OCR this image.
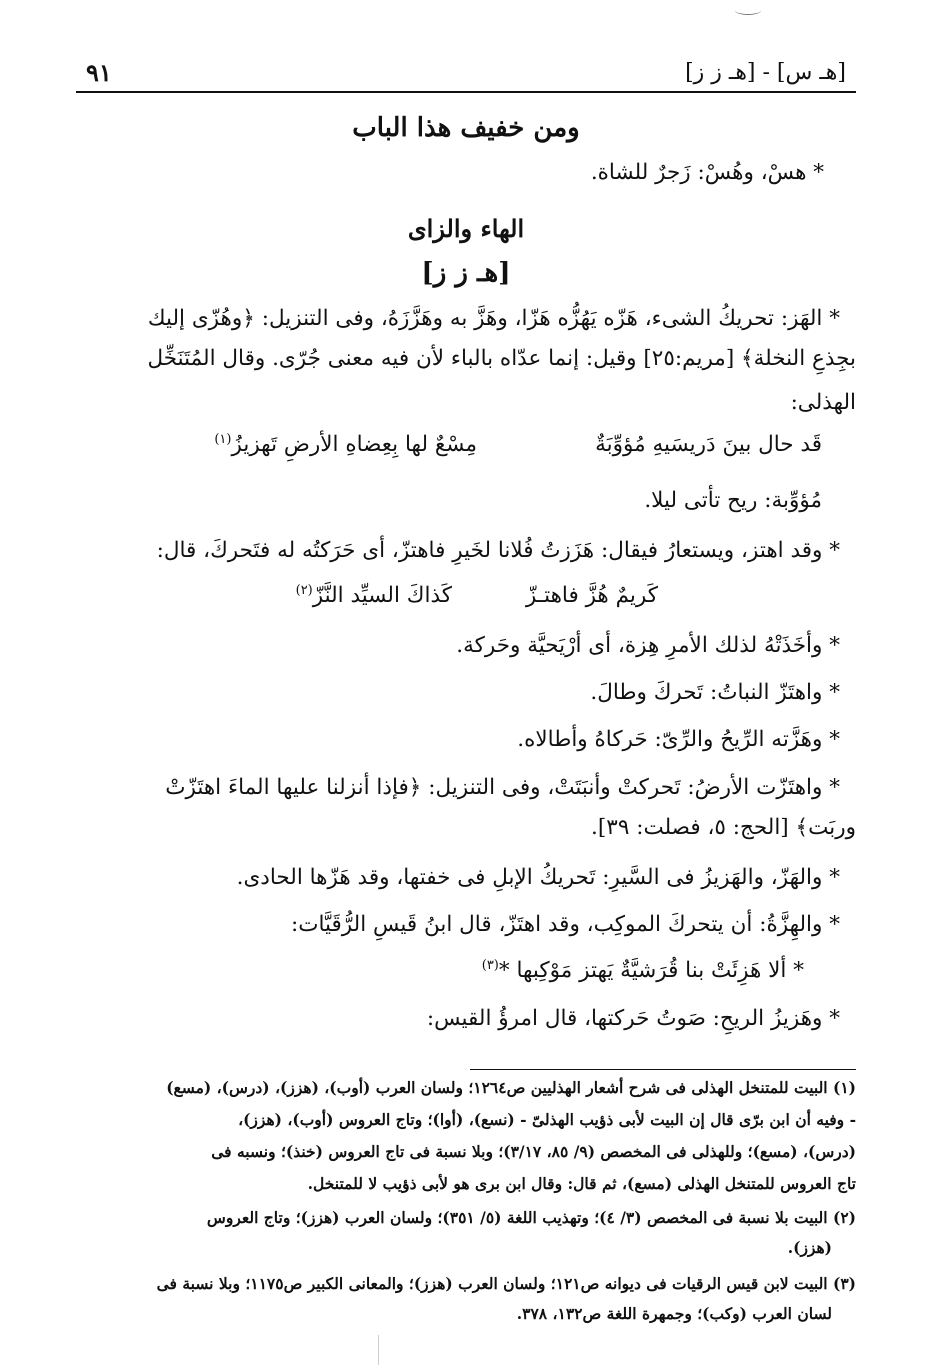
[هـ س] - [هـ ز ز]
٩١
ومن خفيف هذا الباب
* هسْ، وهُسْ: زَجرٌ للشاة.
الهاء والزاى
[هـ ز ز]
* الهَز: تحريكُ الشىء، هَزّه يَهُزُّه هَزّا، وهَزَّ به وهَزَّزَهُ، وفى التنزيل: ﴿وهُزّى إليك
بجِذعِ النخلة﴾ [مريم:٢٥] وقيل: إنما عدّاه بالباء لأن فيه معنى جُرّى. وقال المُتَنَخِّل
الهذلى:
قَد حال بينَ دَريسَيهِ مُؤوِّبَةٌ
مِسْعٌ لها بِعِضاهِ الأرضِ تَهزيزُ$^{(١)}$
مُؤوِّبة: ريح تأتى ليلا.
* وقد اهتز، ويستعارُ فيقال: هَزَزتُ فُلانا لخَيرِ فاهتزّ، أى حَرَكتُه له فتَحركَ، قال:
كَريمٌ هُزَّ فاهتـزّ
كَذاكَ السيِّد النَّزّ$^{(٢)}$
* وأخَذَتْهُ لذلك الأمرِ هِزة، أى أرْيَحيَّة وحَركة.
* واهتَزّ النباتُ: تَحركَ وطالَ.
* وهَزَّته الرِّيحُ والرِّىّ: حَركاهُ وأطالاه.
* واهتَزّت الأرضُ: تَحركتْ وأنبَتَتْ، وفى التنزيل: ﴿فإذا أنزلنا عليها الماءَ اهتَزّتْ
وربَت﴾ [الحج: ٥، فصلت: ٣٩].
* والهَزّ، والهَزيزُ فى السَّيرِ: تَحريكُ الإبلِ فى خفتها، وقد هَزّها الحادى.
* والهِزَّةُ: أن يتحركَ الموكِب، وقد اهتَزّ، قال ابنُ قَيسِ الرُّقَيَّات:
* ألا هَزِئَتْ بنا قُرَشيَّةٌ يَهتز مَوْكِبها *$^{(٣)}$
* وهَزيزُ الريحِ: صَوتُ حَركتها، قال امرؤُ القيس:
(١) البيت للمتنخل الهذلى فى شرح أشعار الهذليين ص١٢٦٤؛ ولسان العرب (أوب)، (هزز)، (درس)، (مسع)
- وفيه أن ابن برّى قال إن البيت لأبى ذؤيب الهذلىّ - (نسع)، (أوا)؛ وتاج العروس (أوب)، (هزز)،
(درس)، (مسع)؛ وللهذلى فى المخصص (٩/ ٨٥، ٣/١٧)؛ وبلا نسبة فى تاج العروس (خنذ)؛ ونسبه فى
تاج العروس للمتنخل الهذلى (مسع)، ثم قال: وقال ابن برى هو لأبى ذؤيب لا للمتنخل.
(٢) البيت بلا نسبة فى المخصص (٣/ ٤)؛ وتهذيب اللغة (٥/ ٣٥١)؛ ولسان العرب (هزز)؛ وتاج العروس
(هزز).
(٣) البيت لابن قيس الرقيات فى ديوانه ص١٢١؛ ولسان العرب (هزز)؛ والمعانى الكبير ص١١٧٥؛ وبلا نسبة فى
لسان العرب (وكب)؛ وجمهرة اللغة ص١٣٢، ٣٧٨.
